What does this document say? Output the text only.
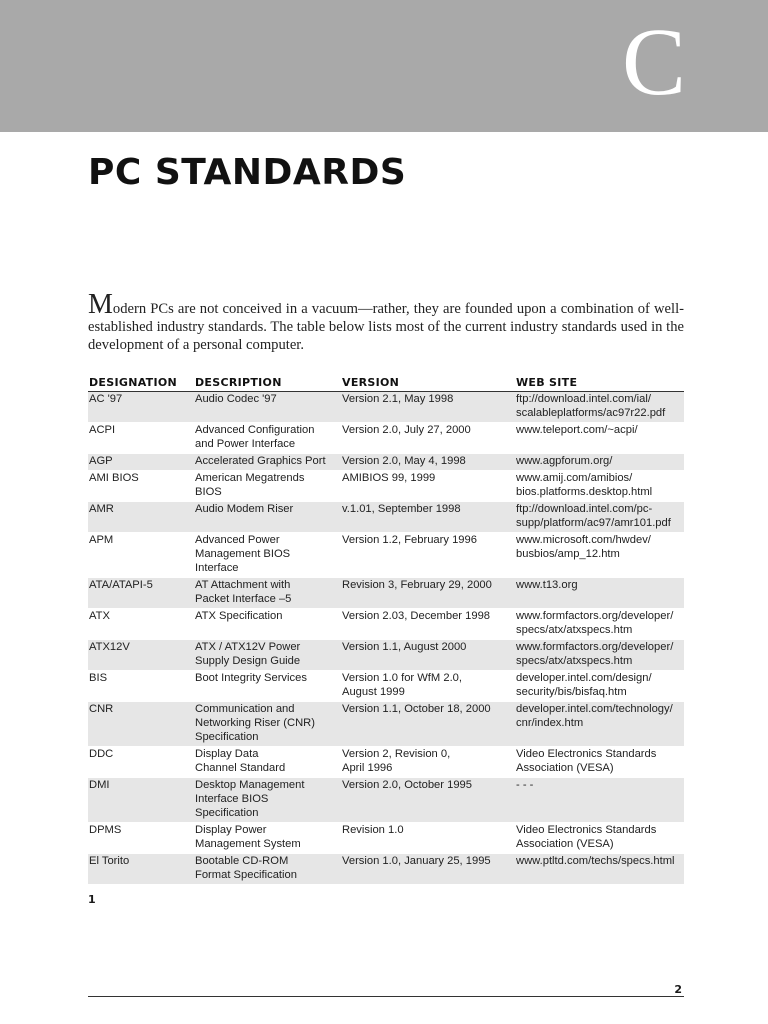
C
PC STANDARDS

Modern PCs are not conceived in a vacuum—rather, they are founded upon a combination of well-established industry standards. The table below lists most of the current industry standards used in the development of a personal computer.

DESIGNATION	DESCRIPTION	VERSION	WEB SITE
AC '97	Audio Codec '97	Version 2.1, May 1998	ftp://download.intel.com/ial/
scalableplatforms/ac97r22.pdf
ACPI	Advanced Configuration
and Power Interface	Version 2.0, July 27, 2000	www.teleport.com/~acpi/
AGP	Accelerated Graphics Port	Version 2.0, May 4, 1998	www.agpforum.org/
AMI BIOS	American Megatrends
BIOS	AMIBIOS 99, 1999	www.amij.com/amibios/
bios.platforms.desktop.html
AMR	Audio Modem Riser	v.1.01, September 1998	ftp://download.intel.com/pc-
supp/platform/ac97/amr101.pdf
APM	Advanced Power
Management BIOS
Interface	Version 1.2, February 1996	www.microsoft.com/hwdev/
busbios/amp_12.htm
ATA/ATAPI-5	AT Attachment with
Packet Interface –5	Revision 3, February 29, 2000	www.t13.org
ATX	ATX Specification	Version 2.03, December 1998	www.formfactors.org/developer/
specs/atx/atxspecs.htm
ATX12V	ATX / ATX12V Power
Supply Design Guide	Version 1.1, August 2000	www.formfactors.org/developer/
specs/atx/atxspecs.htm
BIS	Boot Integrity Services	Version 1.0 for WfM 2.0,
August 1999	developer.intel.com/design/
security/bis/bisfaq.htm
CNR	Communication and
Networking Riser (CNR)
Specification	Version 1.1, October 18, 2000	developer.intel.com/technology/
cnr/index.htm
DDC	Display Data
Channel Standard	Version 2, Revision 0,
April 1996	Video Electronics Standards
Association (VESA)
DMI	Desktop Management
Interface BIOS
Specification	Version 2.0, October 1995	- - -
DPMS	Display Power
Management System	Revision 1.0	Video Electronics Standards
Association (VESA)
El Torito	Bootable CD-ROM
Format Specification	Version 1.0, January 25, 1995	www.ptltd.com/techs/specs.html
1
2
